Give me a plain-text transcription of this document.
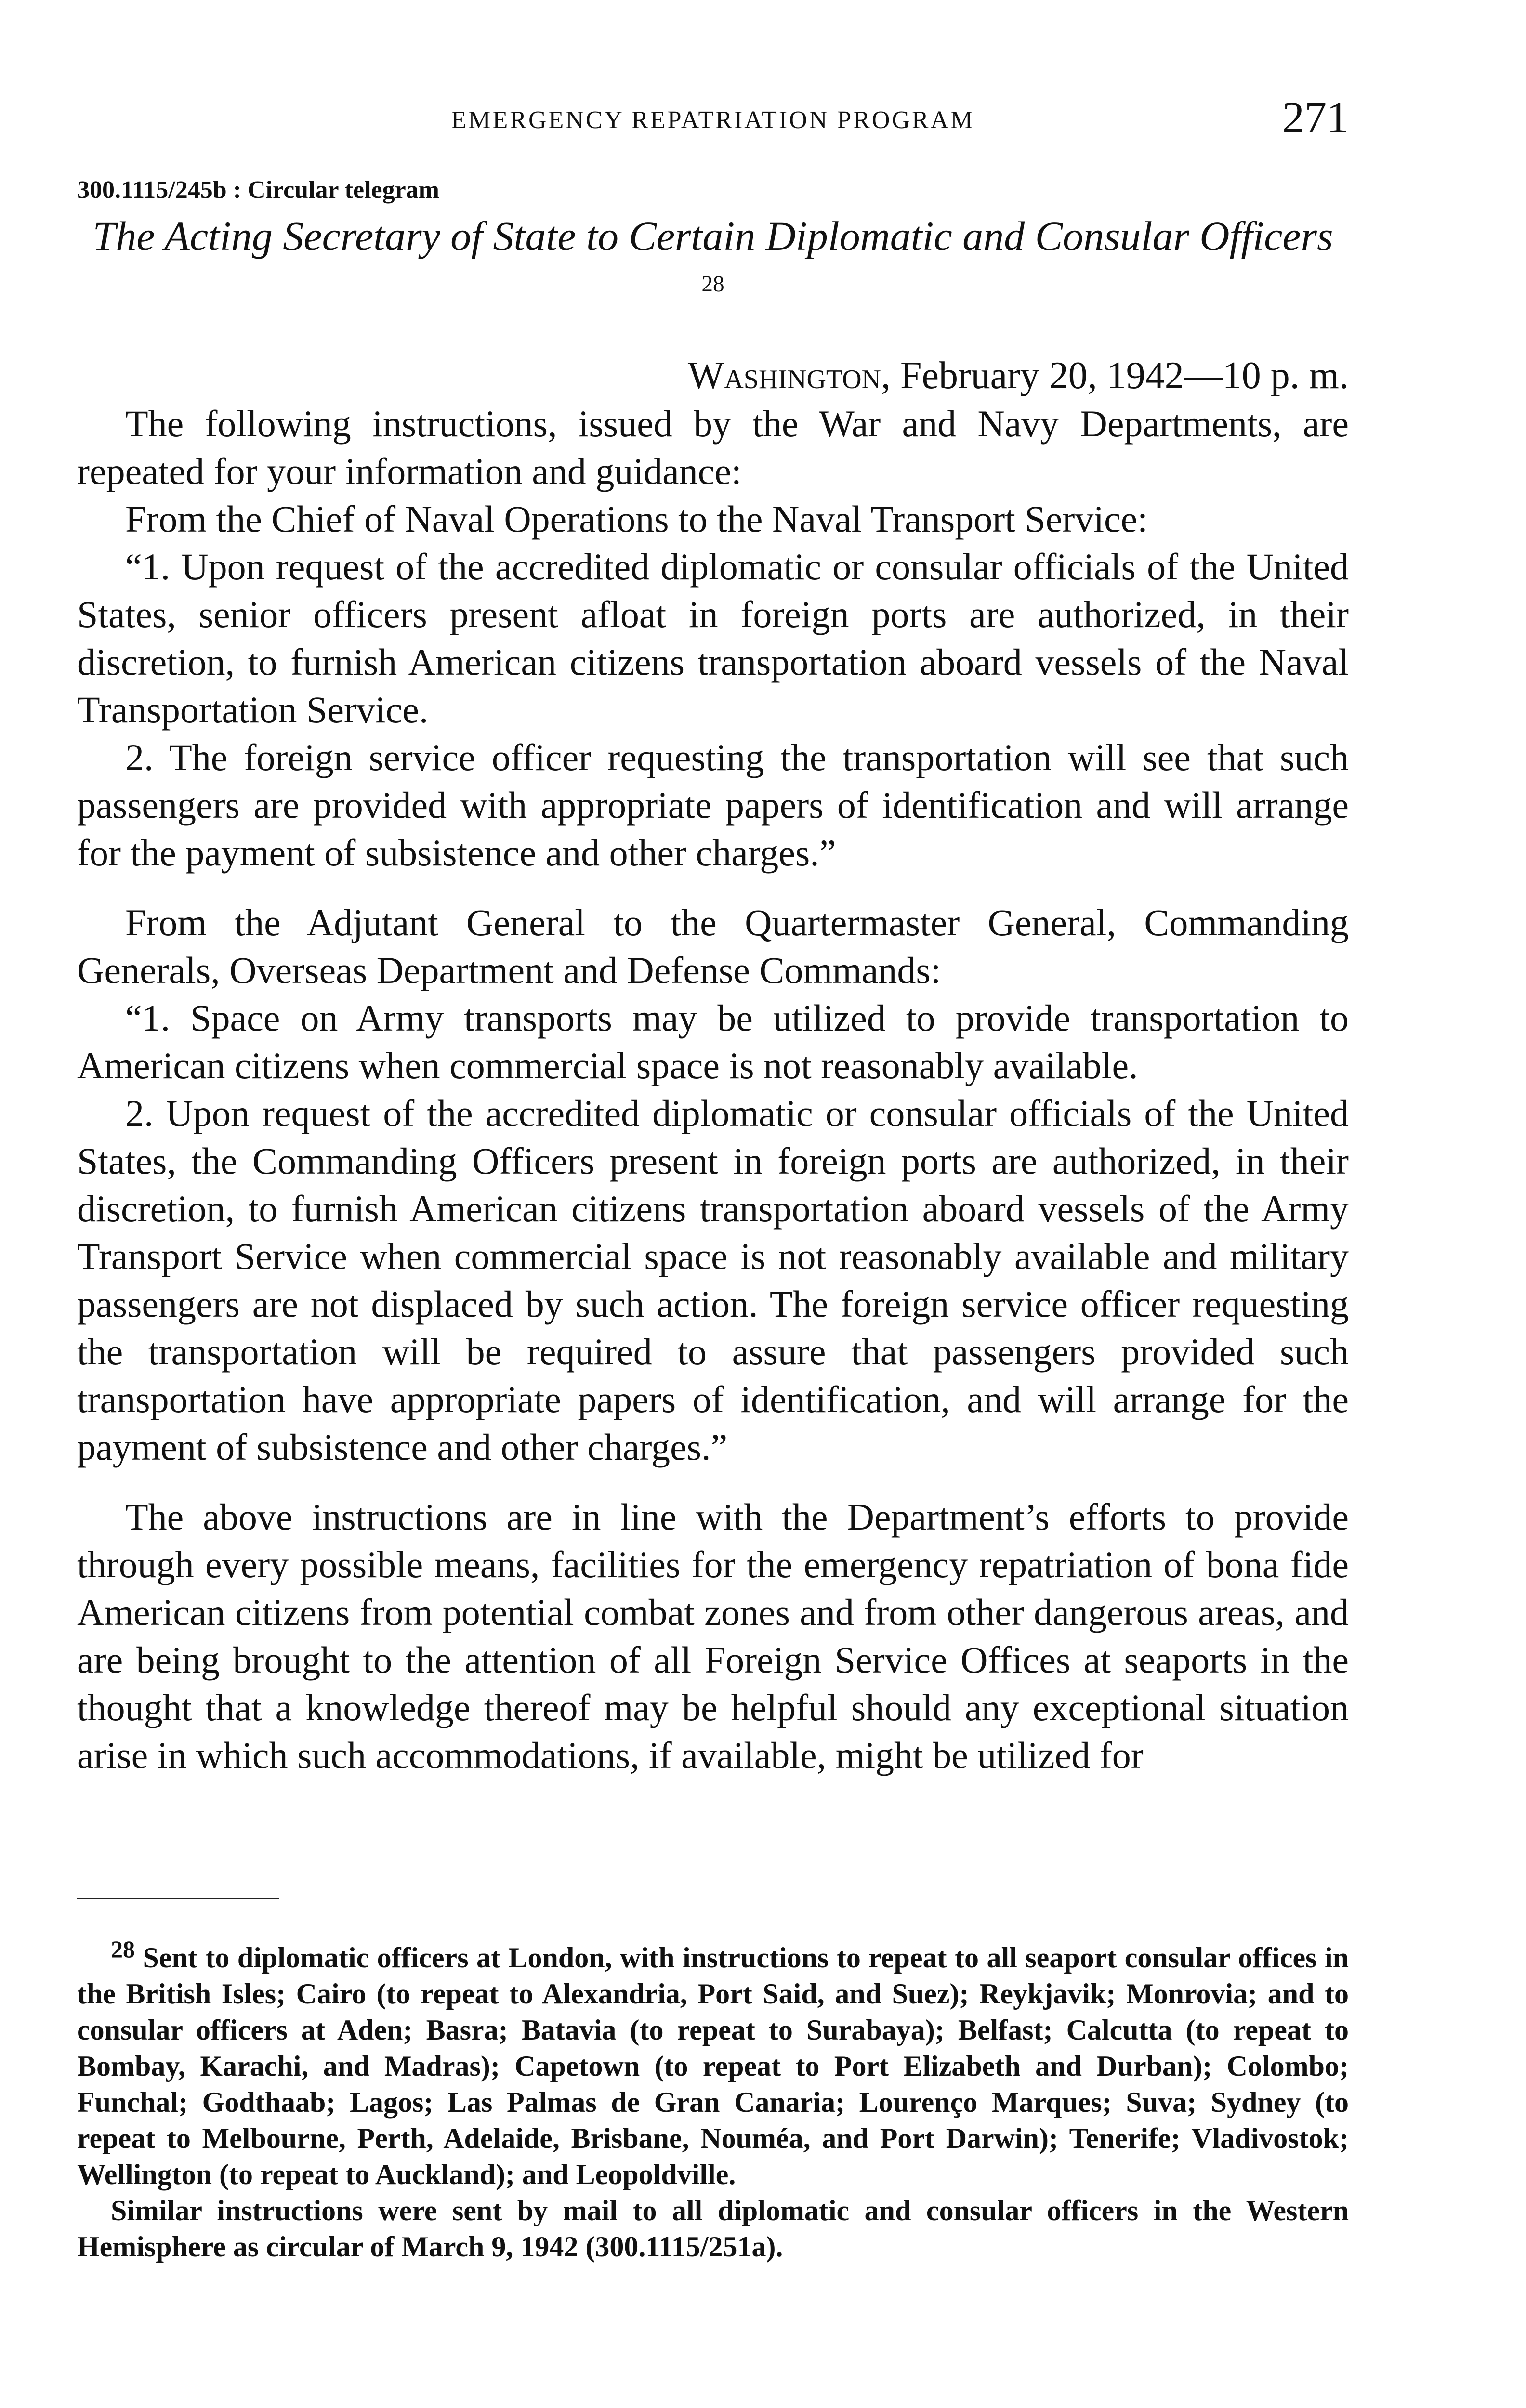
EMERGENCY REPATRIATION PROGRAM	271
300.1115/245b : Circular telegram
The Acting Secretary of State to Certain Diplomatic and Consular Officers $^{28}$
Washington, February 20, 1942—10 p. m.

The following instructions, issued by the War and Navy Departments, are repeated for your information and guidance:

From the Chief of Naval Operations to the Naval Transport Service:

“1. Upon request of the accredited diplomatic or consular officials of the United States, senior officers present afloat in foreign ports are authorized, in their discretion, to furnish American citizens transportation aboard vessels of the Naval Transportation Service.

2. The foreign service officer requesting the transportation will see that such passengers are provided with appropriate papers of identification and will arrange for the payment of subsistence and other charges.”

From the Adjutant General to the Quartermaster General, Commanding Generals, Overseas Department and Defense Commands:

“1. Space on Army transports may be utilized to provide transportation to American citizens when commercial space is not reasonably available.

2. Upon request of the accredited diplomatic or consular officials of the United States, the Commanding Officers present in foreign ports are authorized, in their discretion, to furnish American citizens transportation aboard vessels of the Army Transport Service when commercial space is not reasonably available and military passengers are not displaced by such action. The foreign service officer requesting the transportation will be required to assure that passengers provided such transportation have appropriate papers of identification, and will arrange for the payment of subsistence and other charges.”

The above instructions are in line with the Department’s efforts to provide through every possible means, facilities for the emergency repatriation of bona fide American citizens from potential combat zones and from other dangerous areas, and are being brought to the attention of all Foreign Service Offices at seaports in the thought that a knowledge thereof may be helpful should any exceptional situation arise in which such accommodations, if available, might be utilized for

$^{28}$ Sent to diplomatic officers at London, with instructions to repeat to all seaport consular offices in the British Isles; Cairo (to repeat to Alexandria, Port Said, and Suez); Reykjavik; Monrovia; and to consular officers at Aden; Basra; Batavia (to repeat to Surabaya); Belfast; Calcutta (to repeat to Bombay, Karachi, and Madras); Capetown (to repeat to Port Elizabeth and Durban); Colombo; Funchal; Godthaab; Lagos; Las Palmas de Gran Canaria; Lourenço Marques; Suva; Sydney (to repeat to Melbourne, Perth, Adelaide, Brisbane, Nouméa, and Port Darwin); Tenerife; Vladivostok; Wellington (to repeat to Auckland); and Leopoldville.

Similar instructions were sent by mail to all diplomatic and consular officers in the Western Hemisphere as circular of March 9, 1942 (300.1115/251a).
